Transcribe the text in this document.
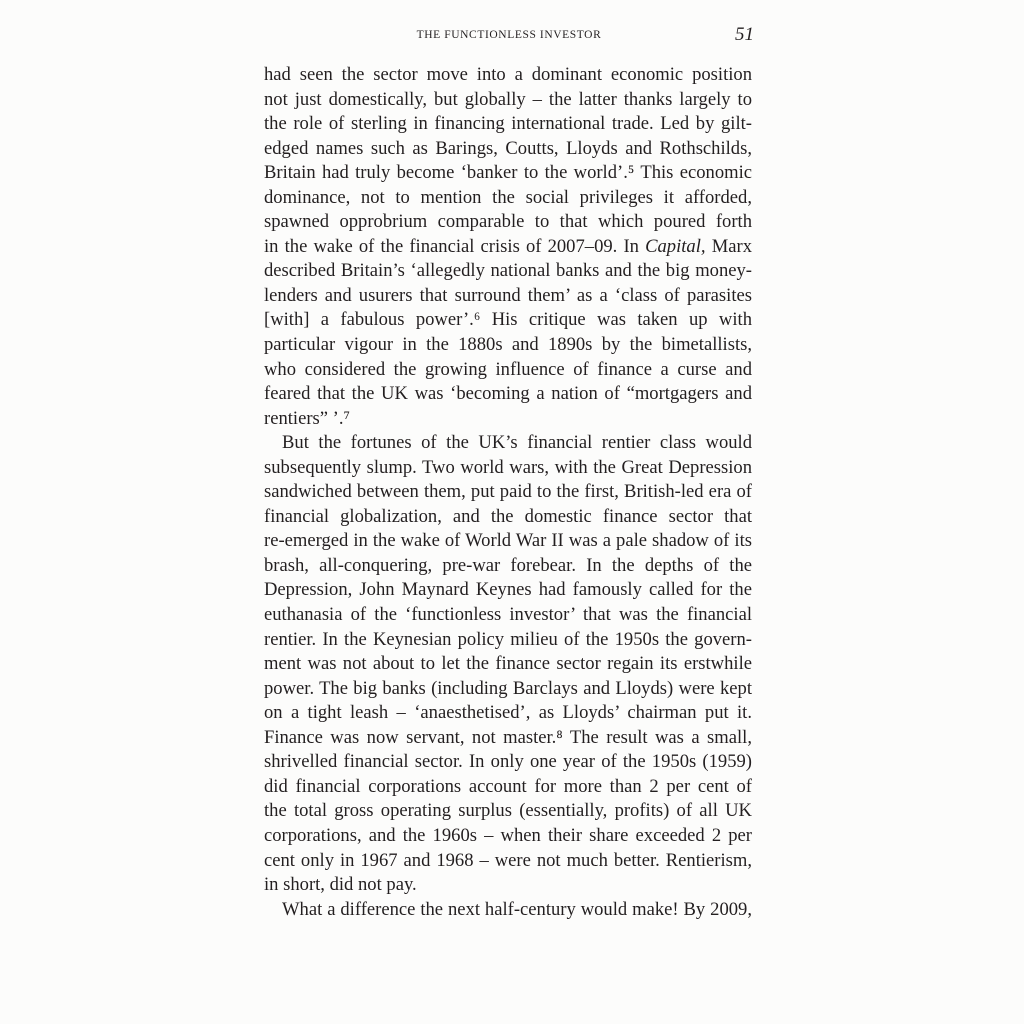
THE FUNCTIONLESS INVESTOR	51
had seen the sector move into a dominant economic position
not just domestically, but globally – the latter thanks largely to
the role of sterling in financing international trade. Led by gilt-
edged names such as Barings, Coutts, Lloyds and Rothschilds,
Britain had truly become ‘banker to the world’.⁵ This economic
dominance, not to mention the social privileges it afforded,
spawned opprobrium comparable to that which poured forth
in the wake of the financial crisis of 2007–09. In Capital, Marx
described Britain’s ‘allegedly national banks and the big money-
lenders and usurers that surround them’ as a ‘class of parasites
[with] a fabulous power’.⁶ His critique was taken up with
particular vigour in the 1880s and 1890s by the bimetallists,
who considered the growing influence of finance a curse and
feared that the UK was ‘becoming a nation of “mortgagers and
rentiers” ’.⁷
But the fortunes of the UK’s financial rentier class would
subsequently slump. Two world wars, with the Great Depression
sandwiched between them, put paid to the first, British-led era of
financial globalization, and the domestic finance sector that
re-emerged in the wake of World War II was a pale shadow of its
brash, all-conquering, pre-war forebear. In the depths of the
Depression, John Maynard Keynes had famously called for the
euthanasia of the ‘functionless investor’ that was the financial
rentier. In the Keynesian policy milieu of the 1950s the govern-
ment was not about to let the finance sector regain its erstwhile
power. The big banks (including Barclays and Lloyds) were kept
on a tight leash – ‘anaesthetised’, as Lloyds’ chairman put it.
Finance was now servant, not master.⁸ The result was a small,
shrivelled financial sector. In only one year of the 1950s (1959)
did financial corporations account for more than 2 per cent of
the total gross operating surplus (essentially, profits) of all UK
corporations, and the 1960s – when their share exceeded 2 per
cent only in 1967 and 1968 – were not much better. Rentierism,
in short, did not pay.
What a difference the next half-century would make! By 2009,
